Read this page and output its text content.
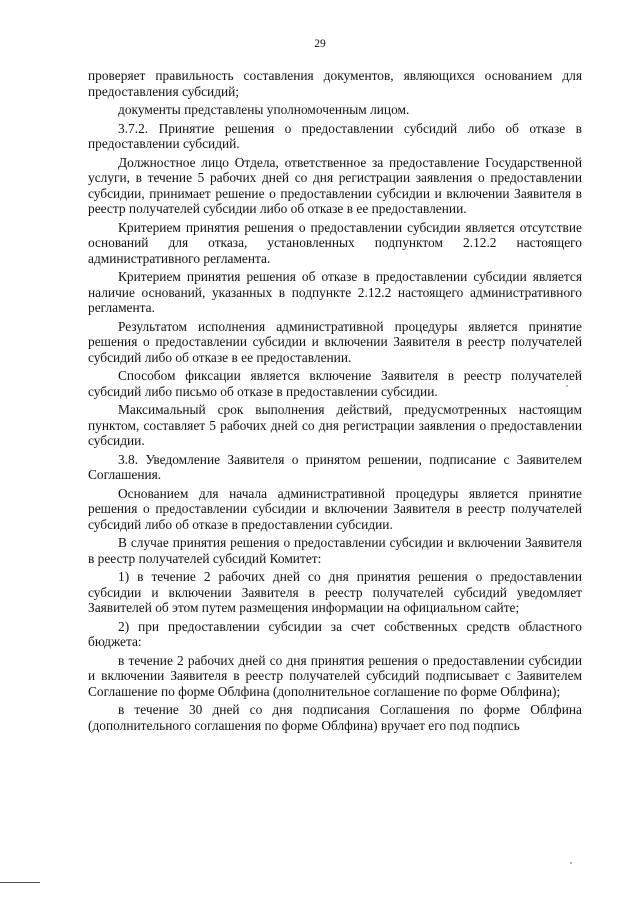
29

проверяет правильность составления документов, являющихся основанием для предоставления субсидий;

документы представлены уполномоченным лицом.

3.7.2. Принятие решения о предоставлении субсидий либо об отказе в предоставлении субсидий.

Должностное лицо Отдела, ответственное за предоставление Государственной услуги, в течение 5 рабочих дней со дня регистрации заявления о предоставлении субсидии, принимает решение о предоставлении субсидии и включении Заявителя в реестр получателей субсидии либо об отказе в ее предоставлении.

Критерием принятия решения о предоставлении субсидии является отсутствие оснований для отказа, установленных подпунктом 2.12.2 настоящего административного регламента.

Критерием принятия решения об отказе в предоставлении субсидии является наличие оснований, указанных в подпункте 2.12.2 настоящего административного регламента.

Результатом исполнения административной процедуры является принятие решения о предоставлении субсидии и включении Заявителя в реестр получателей субсидий либо об отказе в ее предоставлении.

Способом фиксации является включение Заявителя в реестр получателей субсидий либо письмо об отказе в предоставлении субсидии.

Максимальный срок выполнения действий, предусмотренных настоящим пунктом, составляет 5 рабочих дней со дня регистрации заявления о предоставлении субсидии.

3.8. Уведомление Заявителя о принятом решении, подписание с Заявителем Соглашения.

Основанием для начала административной процедуры является принятие решения о предоставлении субсидии и включении Заявителя в реестр получателей субсидий либо об отказе в предоставлении субсидии.

В случае принятия решения о предоставлении субсидии и включении Заявителя в реестр получателей субсидий Комитет:

1) в течение 2 рабочих дней со дня принятия решения о предоставлении субсидии и включении Заявителя в реестр получателей субсидий уведомляет Заявителей об этом путем размещения информации на официальном сайте;

2) при предоставлении субсидии за счет собственных средств областного бюджета:

в течение 2 рабочих дней со дня принятия решения о предоставлении субсидии и включении Заявителя в реестр получателей субсидий подписывает с Заявителем Соглашение по форме Облфина (дополнительное соглашение по форме Облфина);

в течение 30 дней со дня подписания Соглашения по форме Облфина (дополнительного соглашения по форме Облфина) вручает его под подпись
